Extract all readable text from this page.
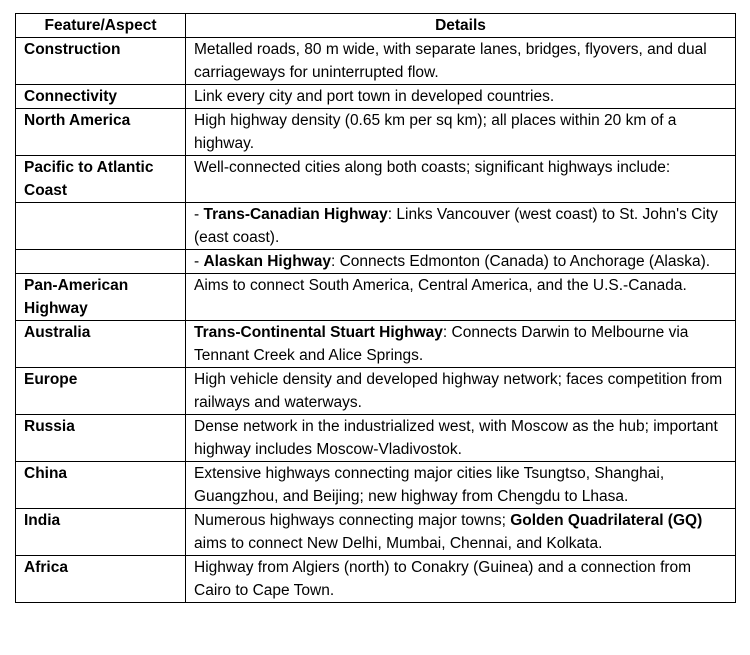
Feature/Aspect	Details
Construction	Metalled roads, 80 m wide, with separate lanes, bridges, flyovers, and dual carriageways for uninterrupted flow.
Connectivity	Link every city and port town in developed countries.
North America	High highway density (0.65 km per sq km); all places within 20 km of a highway.
Pacific to Atlantic Coast	Well-connected cities along both coasts; significant highways include:
	- Trans-Canadian Highway: Links Vancouver (west coast) to St. John's City (east coast).
	- Alaskan Highway: Connects Edmonton (Canada) to Anchorage (Alaska).
Pan-American Highway	Aims to connect South America, Central America, and the U.S.-Canada.
Australia	Trans-Continental Stuart Highway: Connects Darwin to Melbourne via Tennant Creek and Alice Springs.
Europe	High vehicle density and developed highway network; faces competition from railways and waterways.
Russia	Dense network in the industrialized west, with Moscow as the hub; important highway includes Moscow-Vladivostok.
China	Extensive highways connecting major cities like Tsungtso, Shanghai, Guangzhou, and Beijing; new highway from Chengdu to Lhasa.
India	Numerous highways connecting major towns; Golden Quadrilateral (GQ) aims to connect New Delhi, Mumbai, Chennai, and Kolkata.
Africa	Highway from Algiers (north) to Conakry (Guinea) and a connection from Cairo to Cape Town.
